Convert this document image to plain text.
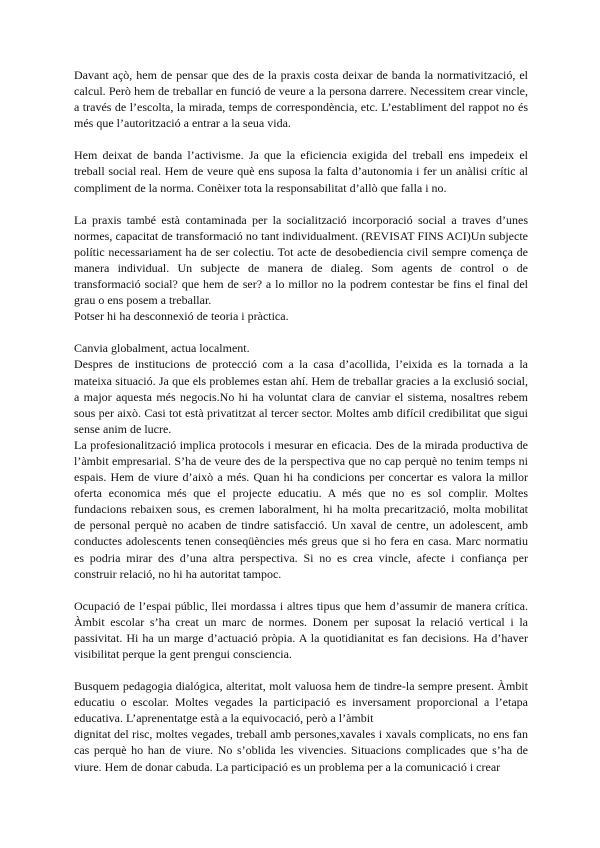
Davant açò, hem de pensar que des de la praxis costa deixar de banda la normativització, el calcul. Però hem de treballar en funció de veure a la persona darrere. Necessitem crear vincle, a través de l’escolta, la mirada, temps de correspondència, etc. L’establiment del rappot no és més que l’autorització a entrar a la seua vida.

Hem deixat de banda l’activisme. Ja que la eficiencia exigida del treball ens impedeix el treball social real. Hem de veure què ens suposa la falta d’autonomia i fer un anàlisi crític al compliment de la norma. Conèixer tota la responsabilitat d’allò que falla i no.

La praxis també està contaminada per la socialització incorporació social a traves d’unes normes, capacitat de transformació no tant individualment. (REVISAT FINS ACI)Un subjecte polític necessariament ha de ser colectiu. Tot acte de desobediencia civil sempre comença de manera individual. Un subjecte de manera de dialeg. Som agents de control o de transformació social? que hem de ser? a lo millor no la podrem contestar be fins el final del grau o ens posem a treballar.

Potser hi ha desconnexió de teoria i pràctica.

Canvia globalment, actua localment.

Despres de institucions de protecció com a la casa d’acollida, l’eixida es la tornada a la mateixa situació. Ja que els problemes estan ahí. Hem de treballar gracies a la exclusió social, a major aquesta més negocis.No hi ha voluntat clara de canviar el sistema, nosaltres rebem sous per això. Casi tot està privatitzat al tercer sector. Moltes amb difícil credibilitat que sigui sense anim de lucre.

La profesionalització implica protocols i mesurar en eficacia. Des de la mirada productiva de l’àmbit empresarial. S’ha de veure des de la perspectiva que no cap perquè no tenim temps ni espais. Hem de viure d’això a més. Quan hi ha condicions per concertar es valora la millor oferta economica més que el projecte educatiu. A més que no es sol complir. Moltes fundacions rebaixen sous, es cremen laboralment, hi ha molta precarització, molta mobilitat de personal perquè no acaben de tindre satisfacció. Un xaval de centre, un adolescent, amb conductes adolescents tenen conseqüències més greus que si ho fera en casa. Marc normatiu es podria mirar des d’una altra perspectiva. Si no es crea vincle, afecte i confiança per construir relació, no hi ha autoritat tampoc.

Ocupació de l’espai públic, llei mordassa i altres tipus que hem d’assumir de manera crítica. Àmbit escolar s’ha creat un marc de normes. Donem per suposat la relació vertical i la passivitat. Hi ha un marge d’actuació pròpia. A la quotidianitat es fan decisions. Ha d’haver visibilitat perque la gent prengui consciencia.

Busquem pedagogia dialógica, alteritat, molt valuosa hem de tindre-la sempre present. Àmbit educatiu o escolar. Moltes vegades la participació es inversament proporcional a l’etapa educativa. L’aprenentatge està a la equivocació, però a l’àmbit

dignitat del risc, moltes vegades, treball amb persones,xavales i xavals complicats, no ens fan cas perquè ho han de viure. No s’oblida les vivencies. Situacions complicades que s’ha de viure. Hem de donar cabuda. La participació es un problema per a la comunicació i crear
